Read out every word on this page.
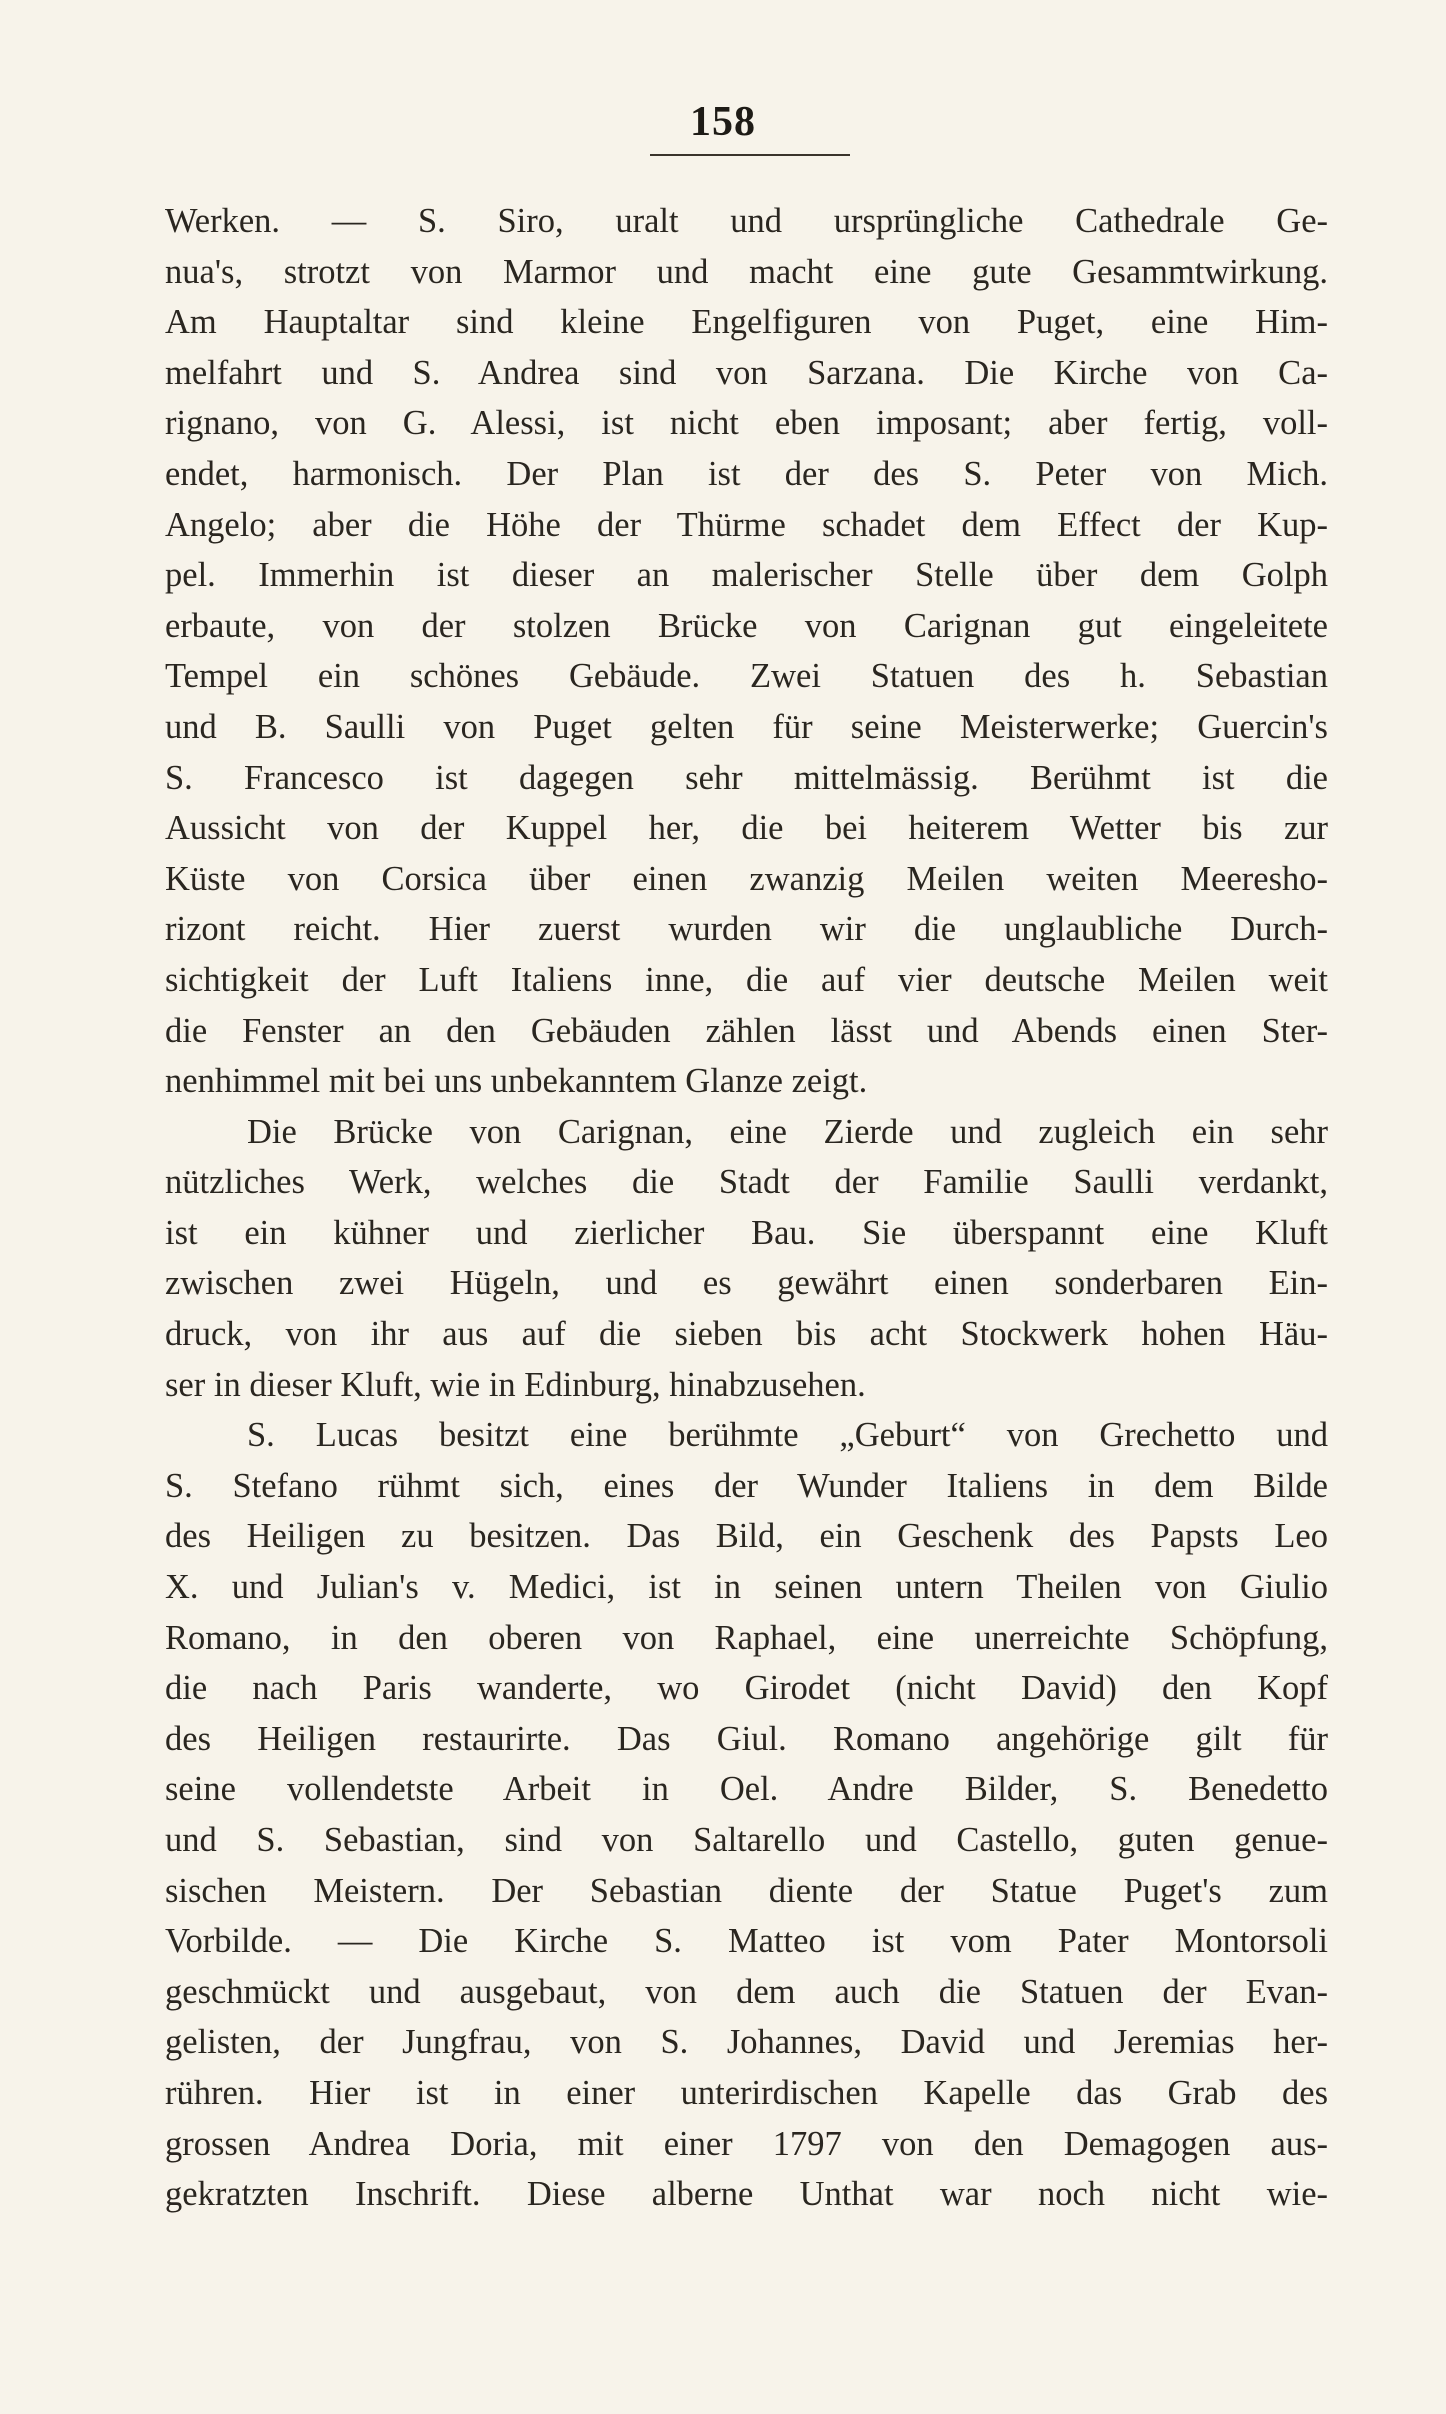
158
Werken. — S. Siro, uralt und ursprüngliche Cathedrale Ge-
nua's, strotzt von Marmor und macht eine gute Gesammtwirkung.
Am Hauptaltar sind kleine Engelfiguren von Puget, eine Him-
melfahrt und S. Andrea sind von Sarzana. Die Kirche von Ca-
rignano, von G. Alessi, ist nicht eben imposant; aber fertig, voll-
endet, harmonisch. Der Plan ist der des S. Peter von Mich.
Angelo; aber die Höhe der Thürme schadet dem Effect der Kup-
pel. Immerhin ist dieser an malerischer Stelle über dem Golph
erbaute, von der stolzen Brücke von Carignan gut eingeleitete
Tempel ein schönes Gebäude. Zwei Statuen des h. Sebastian
und B. Saulli von Puget gelten für seine Meisterwerke; Guercin's
S. Francesco ist dagegen sehr mittelmässig. Berühmt ist die
Aussicht von der Kuppel her, die bei heiterem Wetter bis zur
Küste von Corsica über einen zwanzig Meilen weiten Meeresho-
rizont reicht. Hier zuerst wurden wir die unglaubliche Durch-
sichtigkeit der Luft Italiens inne, die auf vier deutsche Meilen weit
die Fenster an den Gebäuden zählen lässt und Abends einen Ster-
nenhimmel mit bei uns unbekanntem Glanze zeigt.
Die Brücke von Carignan, eine Zierde und zugleich ein sehr
nützliches Werk, welches die Stadt der Familie Saulli verdankt,
ist ein kühner und zierlicher Bau. Sie überspannt eine Kluft
zwischen zwei Hügeln, und es gewährt einen sonderbaren Ein-
druck, von ihr aus auf die sieben bis acht Stockwerk hohen Häu-
ser in dieser Kluft, wie in Edinburg, hinabzusehen.
S. Lucas besitzt eine berühmte „Geburt“ von Grechetto und
S. Stefano rühmt sich, eines der Wunder Italiens in dem Bilde
des Heiligen zu besitzen. Das Bild, ein Geschenk des Papsts Leo
X. und Julian's v. Medici, ist in seinen untern Theilen von Giulio
Romano, in den oberen von Raphael, eine unerreichte Schöpfung,
die nach Paris wanderte, wo Girodet (nicht David) den Kopf
des Heiligen restaurirte. Das Giul. Romano angehörige gilt für
seine vollendetste Arbeit in Oel. Andre Bilder, S. Benedetto
und S. Sebastian, sind von Saltarello und Castello, guten genue-
sischen Meistern. Der Sebastian diente der Statue Puget's zum
Vorbilde. — Die Kirche S. Matteo ist vom Pater Montorsoli
geschmückt und ausgebaut, von dem auch die Statuen der Evan-
gelisten, der Jungfrau, von S. Johannes, David und Jeremias her-
rühren. Hier ist in einer unterirdischen Kapelle das Grab des
grossen Andrea Doria, mit einer 1797 von den Demagogen aus-
gekratzten Inschrift. Diese alberne Unthat war noch nicht wie-
